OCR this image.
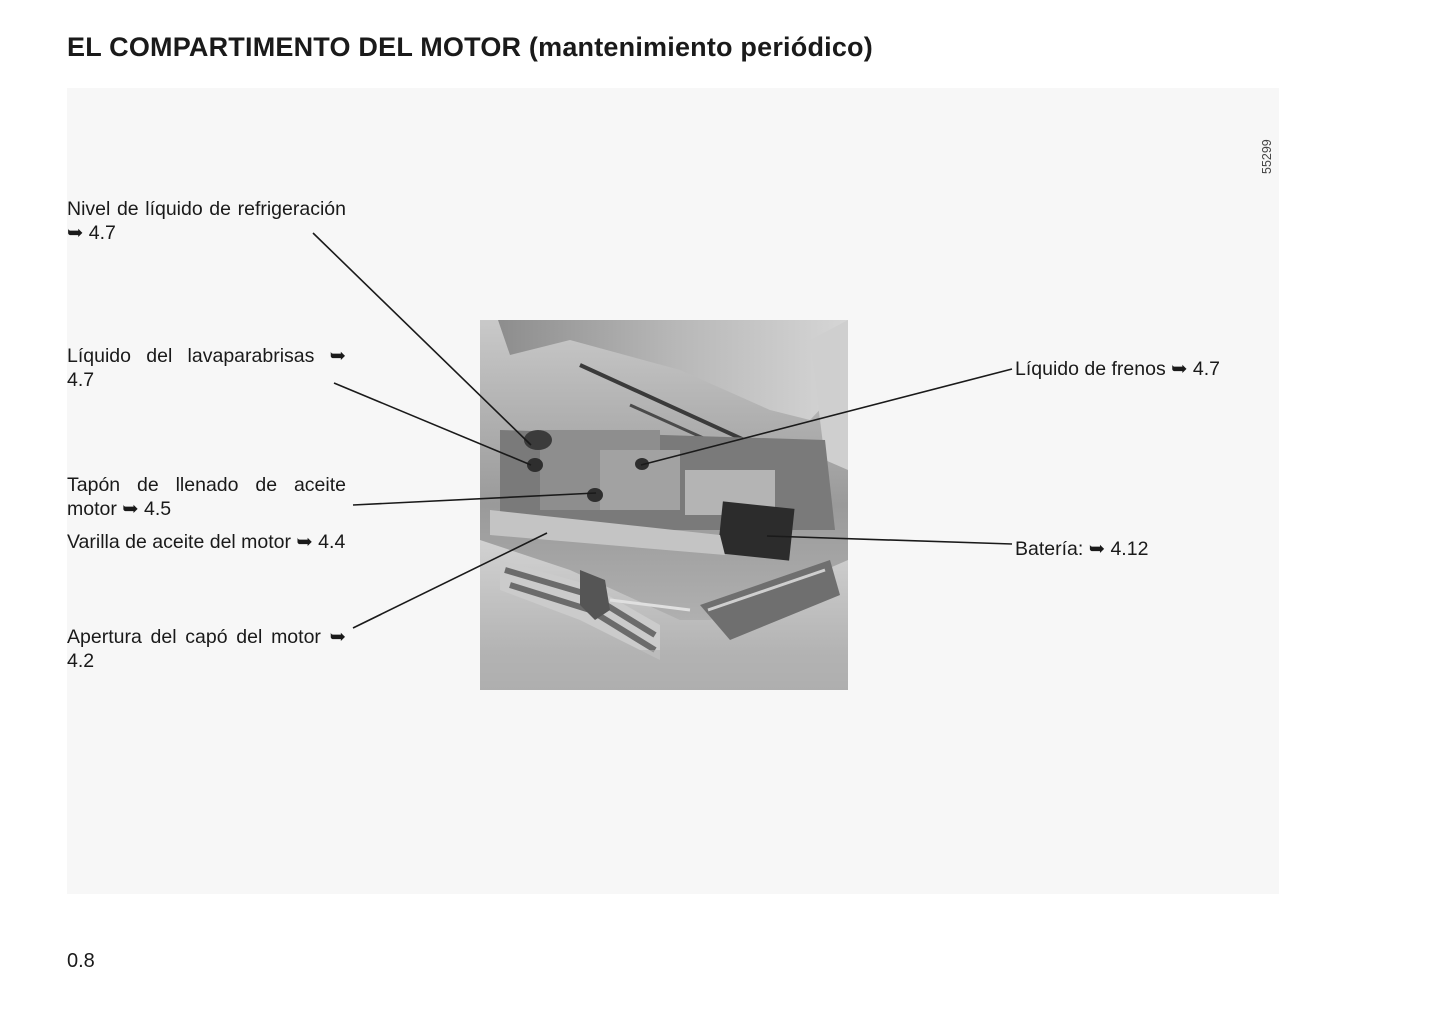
EL COMPARTIMENTO DEL MOTOR (mantenimiento periódico)
55299
Nivel de líquido de refrigeración ➥ 4.7
Líquido del lavaparabrisas ➥ 4.7
Tapón de llenado de aceite motor ➥ 4.5
Varilla de aceite del motor ➥ 4.4
Apertura del capó del motor ➥ 4.2
Líquido de frenos ➥ 4.7
Batería: ➥ 4.12
0.8
